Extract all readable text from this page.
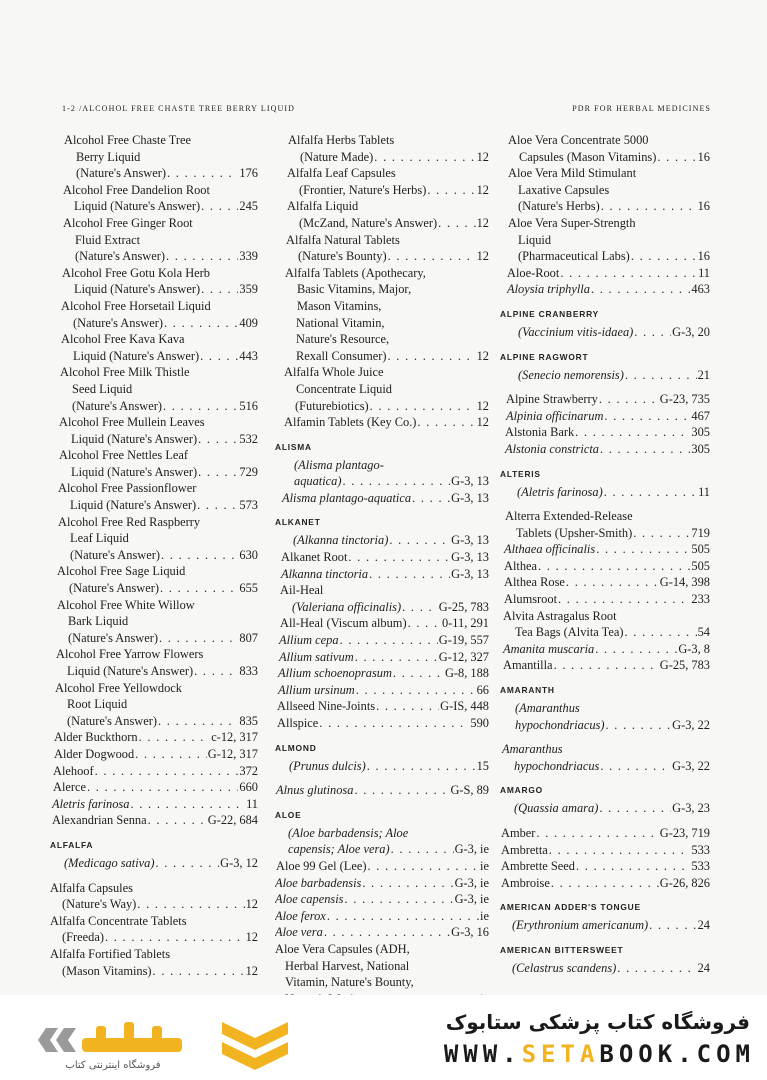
1-2 /ALCOHOL FREE CHASTE TREE BERRY LIQUID	PDR FOR HERBAL MEDICINES
Alcohol Free Chaste Tree
Berry Liquid
(Nature's Answer) . . .	176
Alcohol Free Dandelion Root
Liquid (Nature's Answer) . . .	245
Alcohol Free Ginger Root
Fluid Extract
(Nature's Answer) . . .	339
Alcohol Free Gotu Kola Herb
Liquid (Nature's Answer) . . .	359
Alcohol Free Horsetail Liquid
(Nature's Answer) . . .	409
Alcohol Free Kava Kava
Liquid (Nature's Answer) . . .	443
Alcohol Free Milk Thistle
Seed Liquid
(Nature's Answer) . . .	516
Alcohol Free Mullein Leaves
Liquid (Nature's Answer) . . .	532
Alcohol Free Nettles Leaf
Liquid (Nature's Answer) . . .	729
Alcohol Free Passionflower
Liquid (Nature's Answer) . . .	573
Alcohol Free Red Raspberry
Leaf Liquid
(Nature's Answer) . . .	630
Alcohol Free Sage Liquid
(Nature's Answer) . . .	655
Alcohol Free White Willow
Bark Liquid
(Nature's Answer) . . .	807
Alcohol Free Yarrow Flowers
Liquid (Nature's Answer) . . .	833
Alcohol Free Yellowdock
Root Liquid
(Nature's Answer) . . .	835
Alder Buckthorn . . .	c-12, 317
Alder Dogwood . . .	G-12, 317
Alehoof . . .	372
Alerce . . .	660
Aletris farinosa . . .	11
Alexandrian Senna . . .	G-22, 684
ALFALFA
(Medicago sativa) . . .	G-3, 12
Alfalfa Capsules
(Nature's Way) . . .	12
Alfalfa Concentrate Tablets
(Freeda) . . .	12
Alfalfa Fortified Tablets
(Mason Vitamins) . . .	12
Alfalfa Herbs Tablets
(Nature Made) . . .	12
Alfalfa Leaf Capsules
(Frontier, Nature's Herbs) . . .	12
Alfalfa Liquid
(McZand, Nature's Answer) . . .	12
Alfalfa Natural Tablets
(Nature's Bounty) . . .	12
Alfalfa Tablets (Apothecary,
Basic Vitamins, Major,
Mason Vitamins,
National Vitamin,
Nature's Resource,
Rexall Consumer) . . .	12
Alfalfa Whole Juice
Concentrate Liquid
(Futurebiotics) . . .	12
Alfamin Tablets (Key Co.) . . .	12
ALISMA
(Alisma plantago-
aquatica) . . .	G-3, 13
Alisma plantago-aquatica . . .	G-3, 13
ALKANET
(Alkanna tinctoria) . . .	G-3, 13
Alkanet Root . . .	G-3, 13
Alkanna tinctoria . . .	G-3, 13
Ail-Heal
(Valeriana officinalis) . . .	G-25, 783
All-Heal (Viscum album) . . .	0-11, 291
Allium cepa . . .	G-19, 557
Allium sativum . . .	G-12, 327
Allium schoenoprasum . . .	G-8, 188
Allium ursinum . . .	66
Allseed Nine-Joints . . .	G-IS, 448
Allspice . . .	590
ALMOND
(Prunus dulcis) . . .	15
Alnus glutinosa . . .	G-S, 89
ALOE
(Aloe barbadensis; Aloe
capensis; Aloe vera) . . .	G-3, ie
Aloe 99 Gel (Lee) . . .	ie
Aloe barbadensis . . .	G-3, ie
Aloe capensis . . .	G-3, ie
Aloe ferox . . .	ie
Aloe vera . . .	G-3, 16
Aloe Vera Capsules (ADH,
Herbal Harvest, National
Vitamin, Nature's Bounty,
. . .
Aloe Vera Concentrate 5000
Capsules (Mason Vitamins) . . .	16
Aloe Vera Mild Stimulant
Laxative Capsules
(Nature's Herbs) . . .	16
Aloe Vera Super-Strength
Liquid
(Pharmaceutical Labs) . . .	16
Aloe-Root . . .	11
Aloysia triphylla . . .	463
ALPINE CRANBERRY
(Vaccinium vitis-idaea) . . .	G-3, 20
ALPINE RAGWORT
(Senecio nemorensis) . . .	21
Alpine Strawberry . . .	G-23, 735
Alpinia officinarum . . .	467
Alstonia Bark . . .	305
Alstonia constricta . . .	305
ALTERIS
(Aletris farinosa) . . .	11
Alterra Extended-Release
Tablets (Upsher-Smith) . . .	719
Althaea officinalis . . .	505
Althea . . .	505
Althea Rose . . .	G-14, 398
Alumsroot . . .	233
Alvita Astragalus Root
Tea Bags (Alvita Tea) . . .	54
Amanita muscaria . . .	G-3, 8
Amantilla . . .	G-25, 783
AMARANTH
(Amaranthus
hypochondriacus) . . .	G-3, 22
Amaranthus
hypochondriacus . . .	G-3, 22
AMARGO
(Quassia amara) . . .	G-3, 23
Amber . . .	G-23, 719
Ambretta . . .	533
Ambrette Seed . . .	533
Ambroise . . .	G-26, 826
AMERICAN ADDER'S TONGUE
(Erythronium americanum) . . .	24
AMERICAN BITTERSWEET
(Celastrus scandens) . . .	24
فروشگاه اینترنتی کتاب
فروشگاه کتاب پزشکی ستابوک
WWW.SETABOOK.COM
